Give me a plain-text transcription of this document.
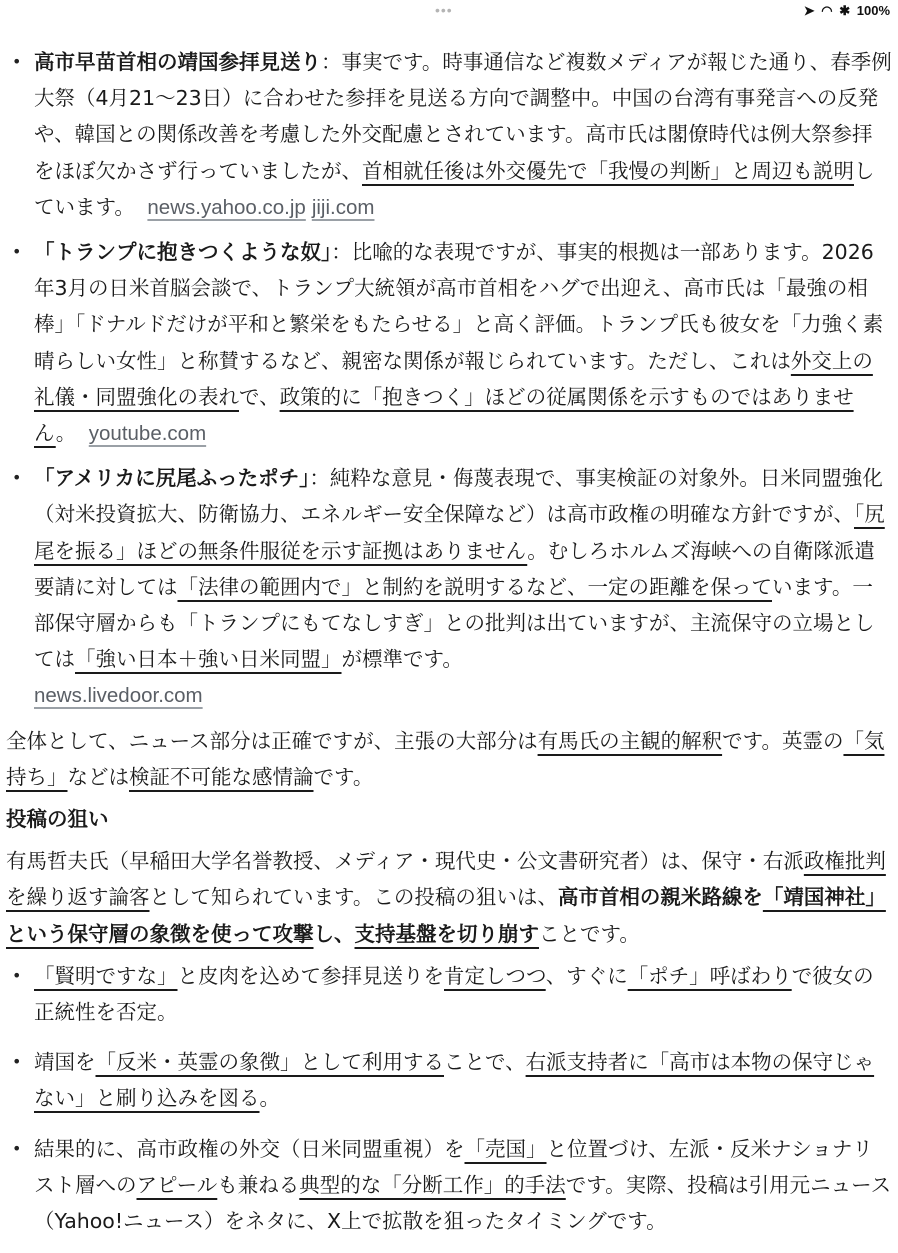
•••	➤ ◠ ✱ 100%
• 高市早苗首相の靖国参拝見送り：事実です。時事通信など複数メディアが報じた通り、春季例大祭（4月21〜23日）に合わせた参拝を見送る方向で調整中。中国の台湾有事発言への反発や、韓国との関係改善を考慮した外交配慮とされています。高市氏は閣僚時代は例大祭参拝をほぼ欠かさず行っていましたが、首相就任後は外交優先で「我慢の判断」と周辺も説明しています。 news.yahoo.co.jp jiji.com
• 「トランプに抱きつくような奴」：比喩的な表現ですが、事実的根拠は一部あります。2026年3月の日米首脳会談で、トランプ大統領が高市首相をハグで出迎え、高市氏は「最強の相棒」「ドナルドだけが平和と繁栄をもたらせる」と高く評価。トランプ氏も彼女を「力強く素晴らしい女性」と称賛するなど、親密な関係が報じられています。ただし、これは外交上の礼儀・同盟強化の表れで、政策的に「抱きつく」ほどの従属関係を示すものではありません。 youtube.com
• 「アメリカに尻尾ふったポチ」：純粋な意見・侮蔑表現で、事実検証の対象外。日米同盟強化（対米投資拡大、防衛協力、エネルギー安全保障など）は高市政権の明確な方針ですが、「尻尾を振る」ほどの無条件服従を示す証拠はありません。むしろホルムズ海峡への自衛隊派遣要請に対しては「法律の範囲内で」と制約を説明するなど、一定の距離を保っています。一部保守層からも「トランプにもてなしすぎ」との批判は出ていますが、主流保守の立場としては「強い日本＋強い日米同盟」が標準です。
news.livedoor.com

全体として、ニュース部分は正確ですが、主張の大部分は有馬氏の主観的解釈です。英霊の「気持ち」などは検証不可能な感情論です。

投稿の狙い

有馬哲夫氏（早稲田大学名誉教授、メディア・現代史・公文書研究者）は、保守・右派政権批判を繰り返す論客として知られています。この投稿の狙いは、高市首相の親米路線を「靖国神社」という保守層の象徴を使って攻撃し、支持基盤を切り崩すことです。

• 「賢明ですな」と皮肉を込めて参拝見送りを肯定しつつ、すぐに「ポチ」呼ばわりで彼女の正統性を否定。
• 靖国を「反米・英霊の象徴」として利用することで、右派支持者に「高市は本物の保守じゃない」と刷り込みを図る。
• 結果的に、高市政権の外交（日米同盟重視）を「売国」と位置づけ、左派・反米ナショナリスト層へのアピールも兼ねる典型的な「分断工作」的手法です。実際、投稿は引用元ニュース（Yahoo!ニュース）をネタに、X上で拡散を狙ったタイミングです。
